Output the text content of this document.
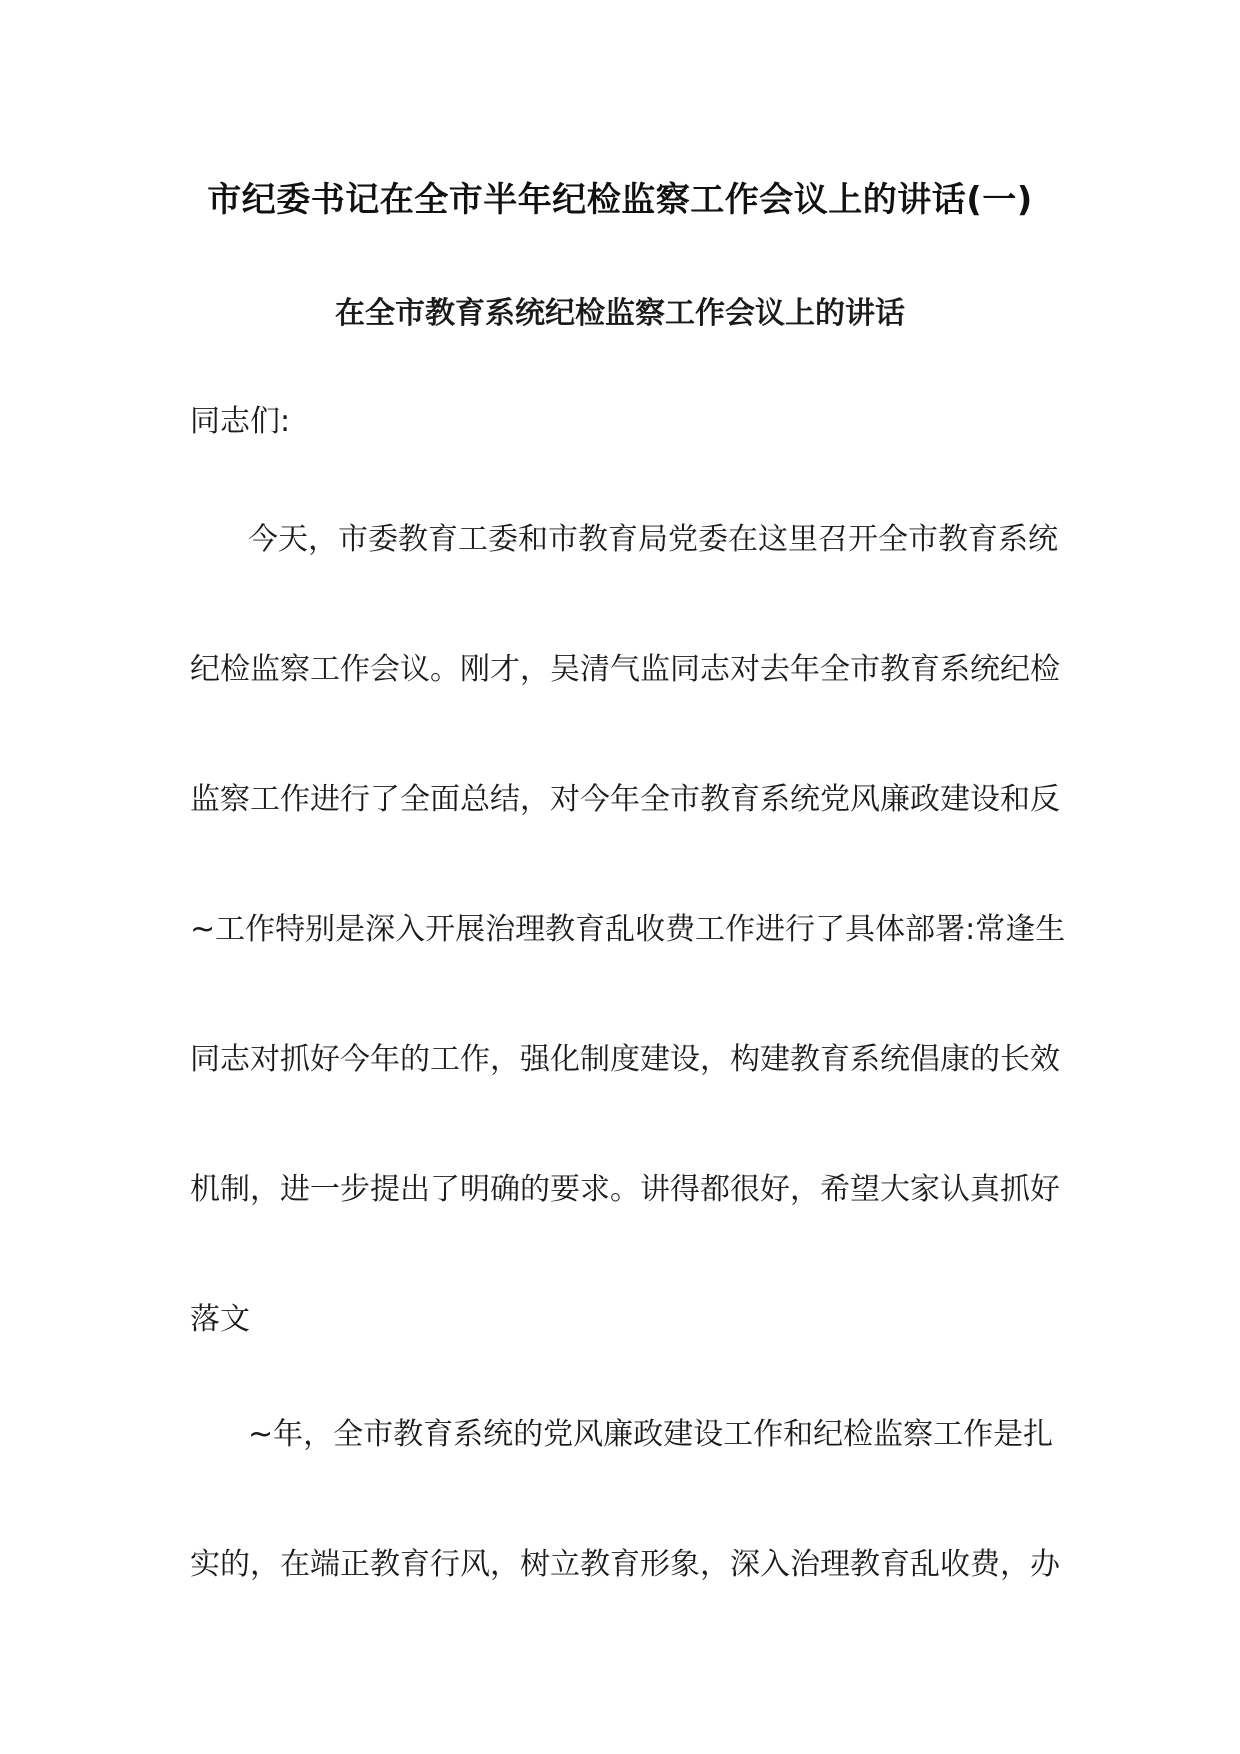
市纪委书记在全市半年纪检监察工作会议上的讲话(一)
在全市教育系统纪检监察工作会议上的讲话

同志们:

今天，市委教育工委和市教育局党委在这里召开全市教育系统

纪检监察工作会议。刚才，吴清气监同志对去年全市教育系统纪检

监察工作进行了全面总结，对今年全市教育系统党风廉政建设和反

~工作特别是深入开展治理教育乱收费工作进行了具体部署:常逢生

同志对抓好今年的工作，强化制度建设，构建教育系统倡康的长效

机制，进一步提出了明确的要求。讲得都很好，希望大家认真抓好

落文

~年，全市教育系统的党风廉政建设工作和纪检监察工作是扎

实的，在端正教育行风，树立教育形象，深入治理教育乱收费，办
